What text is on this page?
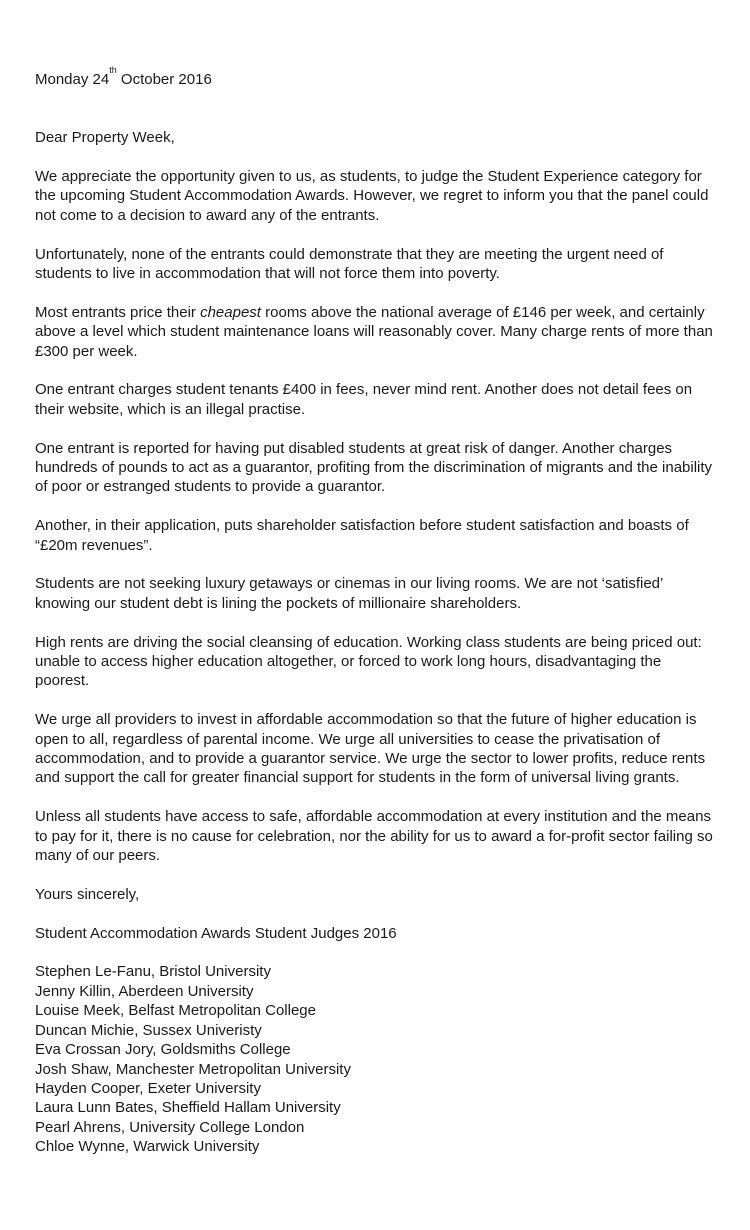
Monday 24th October 2016

Dear Property Week,

We appreciate the opportunity given to us, as students, to judge the Student Experience category for the upcoming Student Accommodation Awards. However, we regret to inform you that the panel could not come to a decision to award any of the entrants.

Unfortunately, none of the entrants could demonstrate that they are meeting the urgent need of students to live in accommodation that will not force them into poverty.

Most entrants price their cheapest rooms above the national average of £146 per week, and certainly above a level which student maintenance loans will reasonably cover. Many charge rents of more than £300 per week.

One entrant charges student tenants £400 in fees, never mind rent. Another does not detail fees on their website, which is an illegal practise.

One entrant is reported for having put disabled students at great risk of danger. Another charges hundreds of pounds to act as a guarantor, profiting from the discrimination of migrants and the inability of poor or estranged students to provide a guarantor.

Another, in their application, puts shareholder satisfaction before student satisfaction and boasts of “£20m revenues”.

Students are not seeking luxury getaways or cinemas in our living rooms. We are not ‘satisfied’ knowing our student debt is lining the pockets of millionaire shareholders.

High rents are driving the social cleansing of education. Working class students are being priced out: unable to access higher education altogether, or forced to work long hours, disadvantaging the poorest.

We urge all providers to invest in affordable accommodation so that the future of higher education is open to all, regardless of parental income. We urge all universities to cease the privatisation of accommodation, and to provide a guarantor service. We urge the sector to lower profits, reduce rents and support the call for greater financial support for students in the form of universal living grants.

Unless all students have access to safe, affordable accommodation at every institution and the means to pay for it, there is no cause for celebration, nor the ability for us to award a for-profit sector failing so many of our peers.

Yours sincerely,

Student Accommodation Awards Student Judges 2016

Stephen Le-Fanu, Bristol University
Jenny Killin, Aberdeen University
Louise Meek, Belfast Metropolitan College
Duncan Michie, Sussex Univeristy
Eva Crossan Jory, Goldsmiths College
Josh Shaw, Manchester Metropolitan University
Hayden Cooper, Exeter University
Laura Lunn Bates, Sheffield Hallam University
Pearl Ahrens, University College London
Chloe Wynne, Warwick University
